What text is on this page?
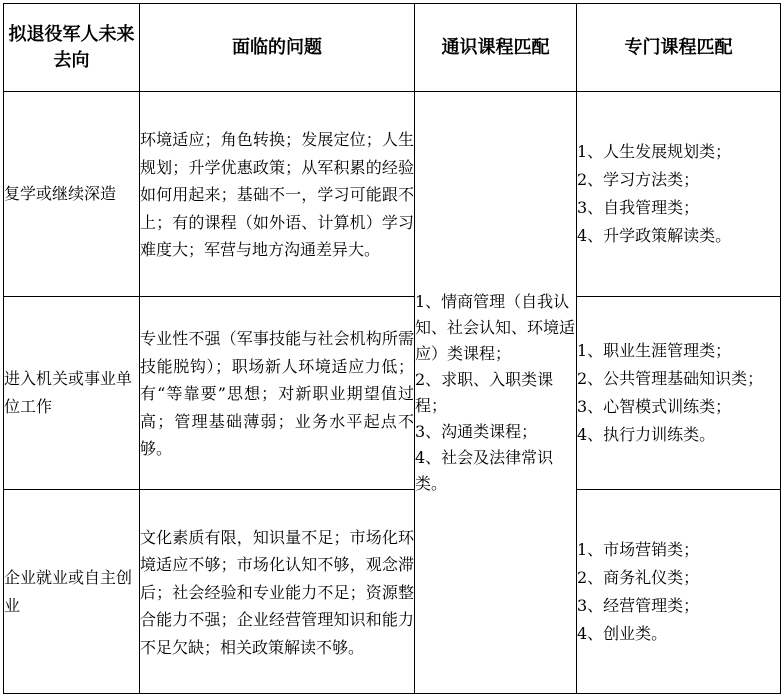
拟退役军人未来去向	面临的问题	通识课程匹配	专门课程匹配

复学或继续深造	环境适应；角色转换；发展定位；人生规划；升学优惠政策；从军积累的经验如何用起来；基础不一，学习可能跟不上；有的课程（如外语、计算机）学习难度大；军营与地方沟通差异大。	1、情商管理（自我认知、社会认知、环境适应）类课程；
2、求职、入职类课程；
3、沟通类课程；
4、社会及法律常识类。	1、人生发展规划类；
2、学习方法类；
3、自我管理类；
4、升学政策解读类。

进入机关或事业单位工作	专业性不强（军事技能与社会机构所需技能脱钩）；职场新人环境适应力低；有“等靠要”思想；对新职业期望值过高；管理基础薄弱；业务水平起点不够。		1、职业生涯管理类；
2、公共管理基础知识类；
3、心智模式训练类；
4、执行力训练类。

企业就业或自主创业	文化素质有限，知识量不足；市场化环境适应不够；市场化认知不够，观念滞后；社会经验和专业能力不足；资源整合能力不强；企业经营管理知识和能力不足欠缺；相关政策解读不够。		1、市场营销类；
2、商务礼仪类；
3、经营管理类；
4、创业类。
